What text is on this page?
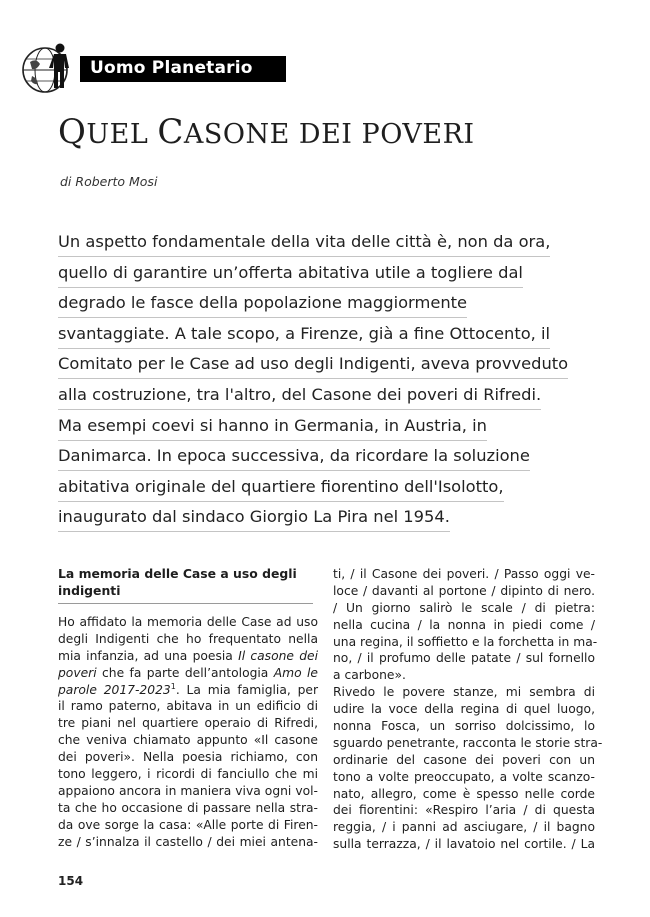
Uomo Planetario
QUEL CASONE DEI POVERI
di Roberto Mosi
Un aspetto fondamentale della vita delle città è, non da ora,
quello di garantire un’offerta abitativa utile a togliere dal
degrado le fasce della popolazione maggiormente
svantaggiate. A tale scopo, a Firenze, già a fine Ottocento, il
Comitato per le Case ad uso degli Indigenti, aveva provveduto
alla costruzione, tra l'altro, del Casone dei poveri di Rifredi.
Ma esempi coevi si hanno in Germania, in Austria, in
Danimarca. In epoca successiva, da ricordare la soluzione
abitativa originale del quartiere fiorentino dell'Isolotto,
inaugurato dal sindaco Giorgio La Pira nel 1954.
La memoria delle Case a uso degli
indigenti
Ho affidato la memoria delle Case ad uso
degli Indigenti che ho frequentato nella
mia infanzia, ad una poesia Il casone dei
poveri che fa parte dell’antologia Amo le
parole 2017-2023$^1$. La mia famiglia, per
il ramo paterno, abitava in un edificio di
tre piani nel quartiere operaio di Rifredi,
che veniva chiamato appunto «Il casone
dei poveri». Nella poesia richiamo, con
tono leggero, i ricordi di fanciullo che mi
appaiono ancora in maniera viva ogni vol-
ta che ho occasione di passare nella stra-
da ove sorge la casa: «Alle porte di Firen-
ze / s’innalza il castello / dei miei antena-
ti, / il Casone dei poveri. / Passo oggi ve-
loce / davanti al portone / dipinto di nero.
/ Un giorno salirò le scale / di pietra:
nella cucina / la nonna in piedi come /
una regina, il soffietto e la forchetta in ma-
no, / il profumo delle patate / sul fornello
a carbone».
Rivedo le povere stanze, mi sembra di
udire la voce della regina di quel luogo,
nonna Fosca, un sorriso dolcissimo, lo
sguardo penetrante, racconta le storie stra-
ordinarie del casone dei poveri con un
tono a volte preoccupato, a volte scanzo-
nato, allegro, come è spesso nelle corde
dei fiorentini: «Respiro l’aria / di questa
reggia, / i panni ad asciugare, / il bagno
sulla terrazza, / il lavatoio nel cortile. / La
154
